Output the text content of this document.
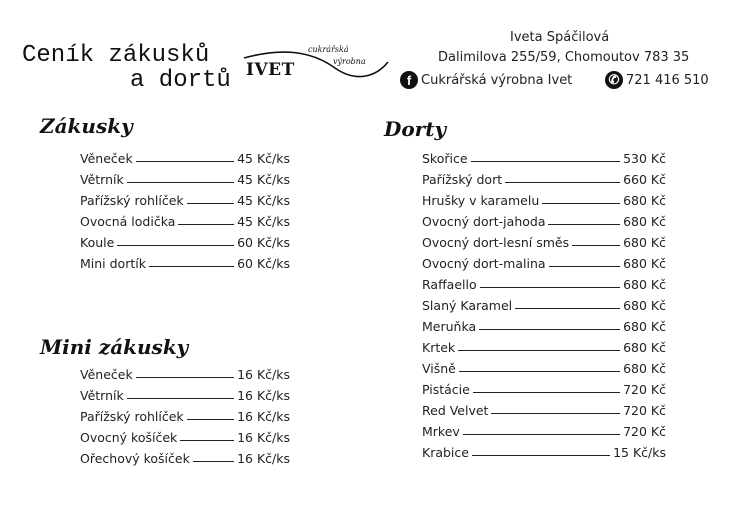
Ceník zákusků
a dortů IVET
cukrářská
výrobna
Iveta Spáčilová
Dalimilova 255/59, Chomoutov 783 35
f Cukrářská výrobna Ivet	✆ 721 416 510
Zákusky
Věneček	45 Kč/ks
Větrník	45 Kč/ks
Pařížský rohlíček	45 Kč/ks
Ovocná lodička	45 Kč/ks
Koule	60 Kč/ks
Mini dortík	60 Kč/ks
Mini zákusky
Věneček	16 Kč/ks
Větrník	16 Kč/ks
Pařížský rohlíček	16 Kč/ks
Ovocný košíček	16 Kč/ks
Ořechový košíček	16 Kč/ks
Dorty
Skořice	530 Kč
Pařížský dort	660 Kč
Hrušky v karamelu	680 Kč
Ovocný dort-jahoda	680 Kč
Ovocný dort-lesní směs	680 Kč
Ovocný dort-malina	680 Kč
Raffaello	680 Kč
Slaný Karamel	680 Kč
Meruňka	680 Kč
Krtek	680 Kč
Višně	680 Kč
Pistácie	720 Kč
Red Velvet	720 Kč
Mrkev	720 Kč
Krabice	15 Kč/ks
